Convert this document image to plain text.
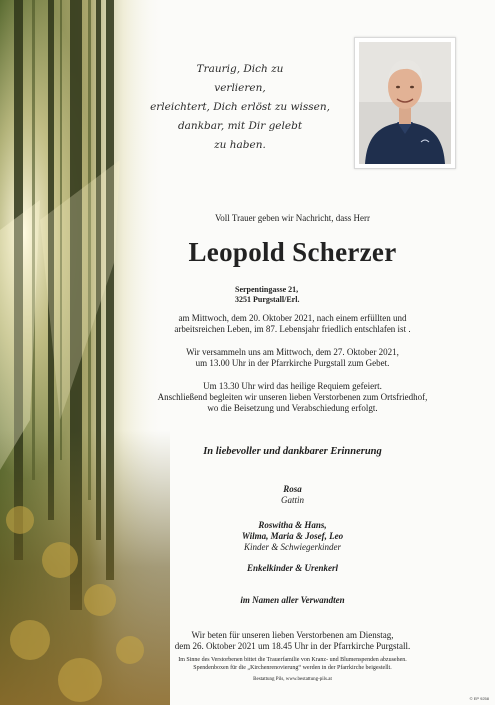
Traurig, Dich zu
verlieren,
erleichtert, Dich erlöst zu wissen,
dankbar, mit Dir gelebt
zu haben.
Voll Trauer geben wir Nachricht, dass Herr
Leopold Scherzer
Serpentingasse 21,
3251 Purgstall/Erl.
am Mittwoch, dem 20. Oktober 2021, nach einem erfüllten und
arbeitsreichen Leben, im 87. Lebensjahr friedlich entschlafen ist .
Wir versammeln uns am Mittwoch, dem 27. Oktober 2021,
um 13.00 Uhr in der Pfarrkirche Purgstall zum Gebet.
Um 13.30 Uhr wird das heilige Requiem gefeiert.
Anschließend begleiten wir unseren lieben Verstorbenen zum Ortsfriedhof,
wo die Beisetzung und Verabschiedung erfolgt.
In liebevoller und dankbarer Erinnerung
Rosa
Gattin
Roswitha & Hans,
Wilma, Maria & Josef, Leo
Kinder & Schwiegerkinder
Enkelkinder & Urenkerl
im Namen aller Verwandten
Wir beten für unseren lieben Verstorbenen am Dienstag,
dem 26. Oktober 2021 um 18.45 Uhr in der Pfarrkirche Purgstall.
Im Sinne des Verstorbenen bittet die Trauerfamilie von Kranz- und Blumenspenden abzusehen.
Spendenboxen für die „Kirchenrenovierung“ werden in der Pfarrkirche beigestellt.
Bestattung Pils, www.bestattung-pils.at
© EP 9258
